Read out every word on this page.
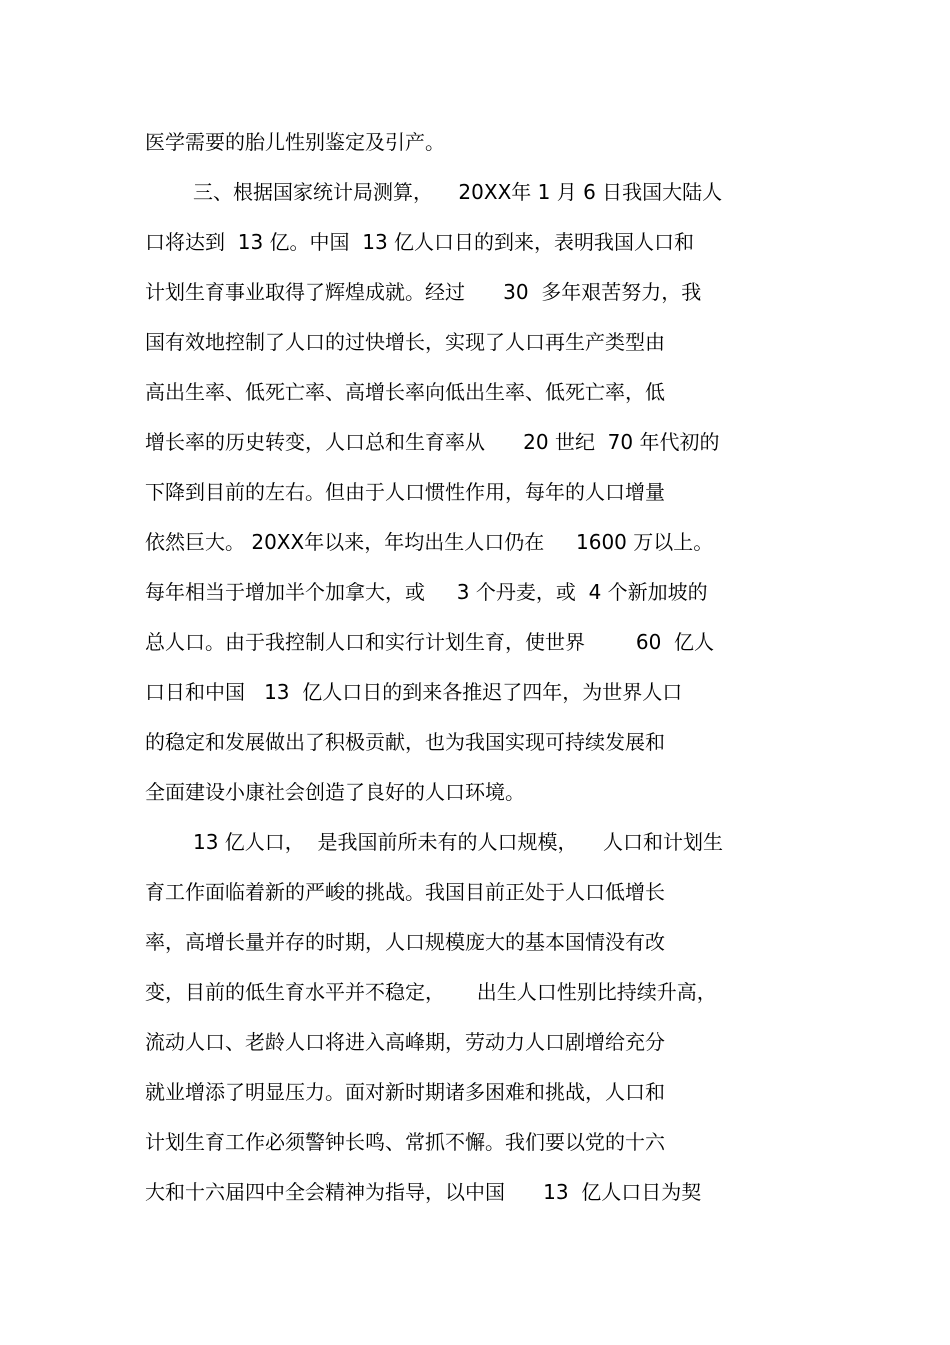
医学需要的胎儿性别鉴定及引产。
三、根据国家统计局测算，    20XX年 1 月 6 日我国大陆人
口将达到  13 亿。中国  13 亿人口日的到来，表明我国人口和
计划生育事业取得了辉煌成就。经过      30  多年艰苦努力，我
国有效地控制了人口的过快增长，实现了人口再生产类型由
高出生率、低死亡率、高增长率向低出生率、低死亡率，低
增长率的历史转变，人口总和生育率从      20 世纪  70 年代初的
下降到目前的左右。但由于人口惯性作用，每年的人口增量
依然巨大。 20XX年以来，年均出生人口仍在     1600 万以上。
每年相当于增加半个加拿大，或     3 个丹麦，或  4 个新加坡的
总人口。由于我控制人口和实行计划生育，使世界        60  亿人
口日和中国   13  亿人口日的到来各推迟了四年，为世界人口
的稳定和发展做出了积极贡献，也为我国实现可持续发展和
全面建设小康社会创造了良好的人口环境。
13 亿人口，  是我国前所未有的人口规模，    人口和计划生
育工作面临着新的严峻的挑战。我国目前正处于人口低增长
率，高增长量并存的时期，人口规模庞大的基本国情没有改
变，目前的低生育水平并不稳定，     出生人口性别比持续升高，
流动人口、老龄人口将进入高峰期，劳动力人口剧增给充分
就业增添了明显压力。面对新时期诸多困难和挑战，人口和
计划生育工作必须警钟长鸣、常抓不懈。我们要以党的十六
大和十六届四中全会精神为指导，以中国      13  亿人口日为契
